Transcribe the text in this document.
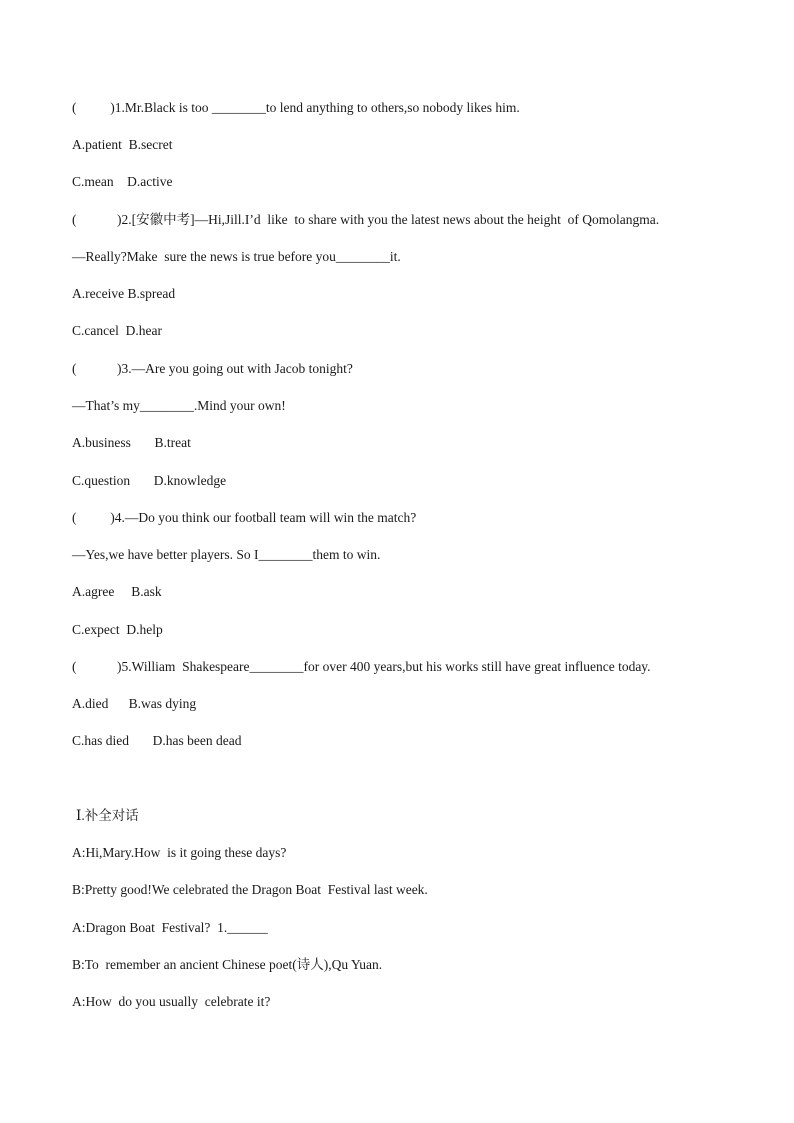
(          )1.Mr.Black is too ________to lend anything to others,so nobody likes him.
A.patient  B.secret
C.mean    D.active
(            )2.[安徽中考]—Hi,Jill.I’d  like  to share with you the latest news about the height  of Qomolangma.
—Really?Make  sure the news is true before you________it.
A.receive B.spread
C.cancel  D.hear
(            )3.—Are you going out with Jacob tonight?
—That’s my________.Mind your own!
A.business       B.treat
C.question       D.knowledge
(          )4.—Do you think our football team will win the match?
—Yes,we have better players. So I________them to win.
A.agree     B.ask
C.expect  D.help
(            )5.William  Shakespeare________for over 400 years,but his works still have great influence today.
A.died      B.was dying
C.has died       D.has been dead
Ⅰ.补全对话
A:Hi,Mary.How  is it going these days?
B:Pretty good!We celebrated the Dragon Boat  Festival last week.
A:Dragon Boat  Festival?  1.______
B:To  remember an ancient Chinese poet(诗人),Qu Yuan.
A:How  do you usually  celebrate it?
